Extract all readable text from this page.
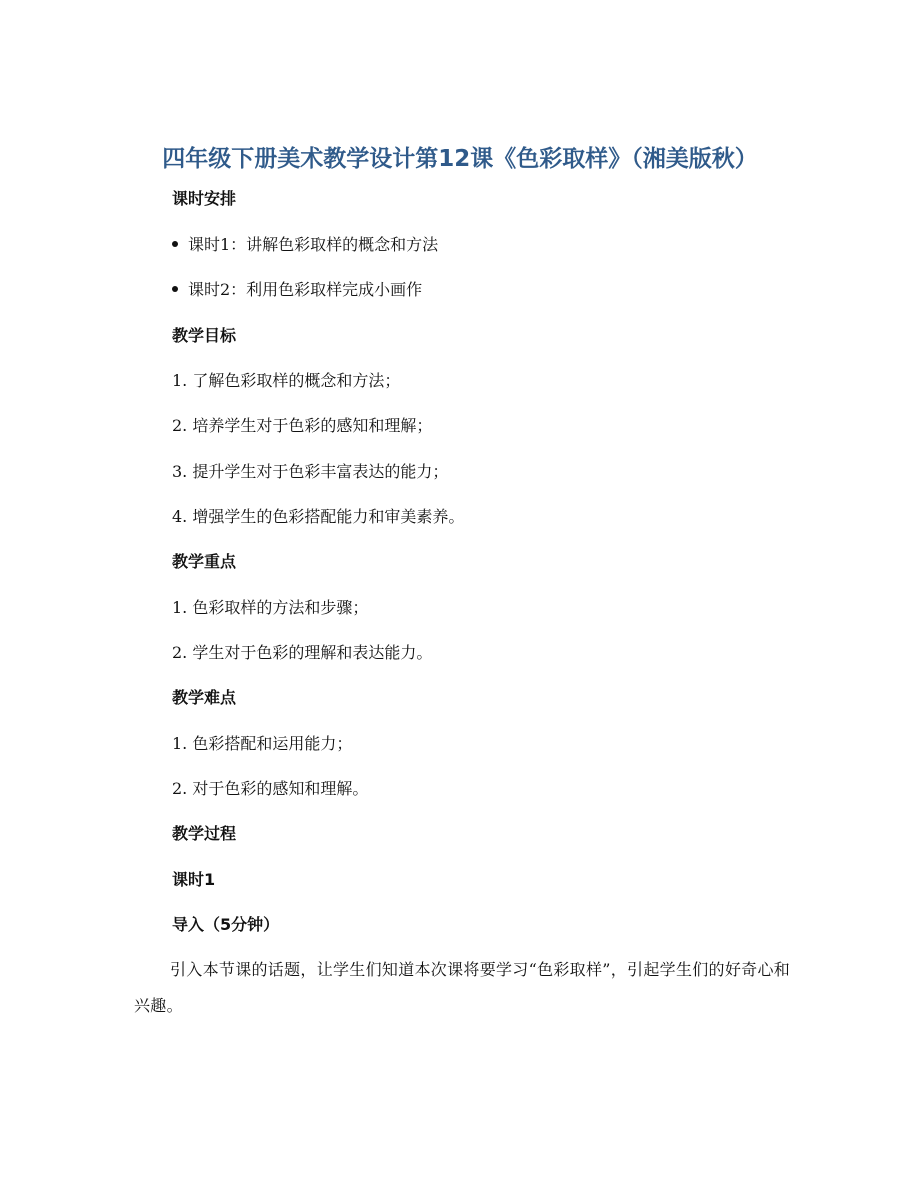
四年级下册美术教学设计第12课《色彩取样》（湘美版秋）
课时安排
课时1：讲解色彩取样的概念和方法
课时2：利用色彩取样完成小画作
教学目标
1. 了解色彩取样的概念和方法；
2. 培养学生对于色彩的感知和理解；
3. 提升学生对于色彩丰富表达的能力；
4. 增强学生的色彩搭配能力和审美素养。
教学重点
1. 色彩取样的方法和步骤；
2. 学生对于色彩的理解和表达能力。
教学难点
1. 色彩搭配和运用能力；
2. 对于色彩的感知和理解。
教学过程
课时1
导入（5分钟）

引入本节课的话题，让学生们知道本次课将要学习“色彩取样”，引起学生们的好奇心和兴趣。
